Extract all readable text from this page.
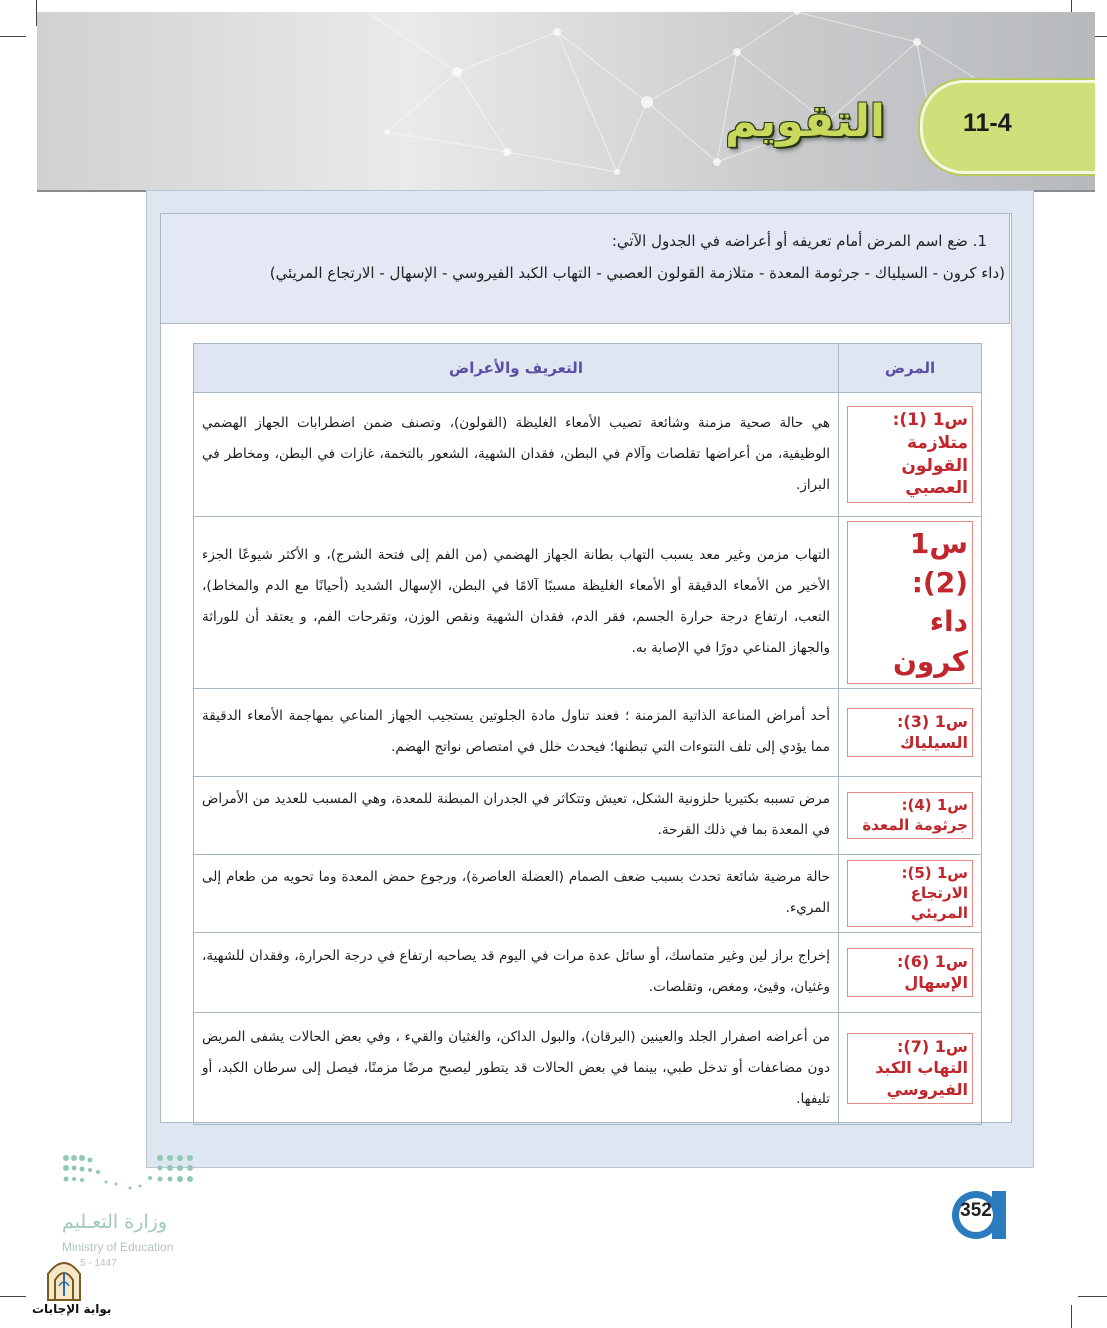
11-4
التقويم
1. ضع اسم المرض أمام تعريفه أو أعراضه في الجدول الآتي:
(داء كرون - السيلياك - جرثومة المعدة - متلازمة القولون العصبي - التهاب الكبد الفيروسي - الإسهال - الارتجاع المريئي)
المرض	التعريف والأعراض

س1 (1):
متلازمة القولون العصبي	هي حالة صحية مزمنة وشائعة تصيب الأمعاء الغليظة (القولون)، وتصنف ضمن اضطرابات الجهاز الهضمي الوظيفية، من أعراضها تقلصات وآلام في البطن، فقدان الشهية، الشعور بالتخمة، غازات في البطن، ومخاطر في البراز.

س1 (2):
داء كرون	التهاب مزمن وغير معد يسبب التهاب بطانة الجهاز الهضمي (من الفم إلى فتحة الشرج)، و الأكثر شيوعًا الجزء الأخير من الأمعاء الدقيقة أو الأمعاء الغليظة مسببًا آلامًا في البطن، الإسهال الشديد (أحيانًا مع الدم والمخاط)، التعب، ارتفاع درجة حرارة الجسم، فقر الدم، فقدان الشهية ونقص الوزن، وتقرحات الفم، و يعتقد أن للوراثة والجهاز المناعي دورًا في الإصابة به.

س1 (3): السيلياك	أحد أمراض المناعة الذاتية المزمنة ؛ فعند تناول مادة الجلوتين يستجيب الجهاز المناعي بمهاجمة الأمعاء الدقيقة مما يؤدي إلى تلف النتوءات التي تبطنها؛ فيحدث خلل في امتصاص نواتج الهضم.

س1 (4): جرثومة المعدة	مرض تسببه بكتيريا حلزونية الشكل، تعيش وتتكاثر في الجدران المبطنة للمعدة، وهي المسبب للعديد من الأمراض في المعدة بما في ذلك القرحة.

س1 (5): الارتجاع المريئي	حالة مرضية شائعة تحدث بسبب ضعف الصمام (العضلة العاصرة)، ورجوع حمض المعدة وما تحويه من طعام إلى المريء.

س1 (6): الإسهال	إخراج براز لين وغير متماسك، أو سائل عدة مرات في اليوم قد يصاحبه ارتفاع في درجة الحرارة، وفقدان للشهية، وغثيان، وقيئ، ومغص، وتقلصات.

س1 (7): التهاب الكبد الفيروسي	من أعراضه اصفرار الجلد والعينين (اليرقان)، والبول الداكن، والغثيان والقيء ، وفي بعض الحالات يشفى المريض دون مضاعفات أو تدخل طبي، بينما في بعض الحالات قد يتطور ليصبح مرضًا مزمنًا، فيصل إلى سرطان الكبد، أو تليفها.
وزارة التعـليم
Ministry of Education
5 - 1447
بوابة الإجابات
352
